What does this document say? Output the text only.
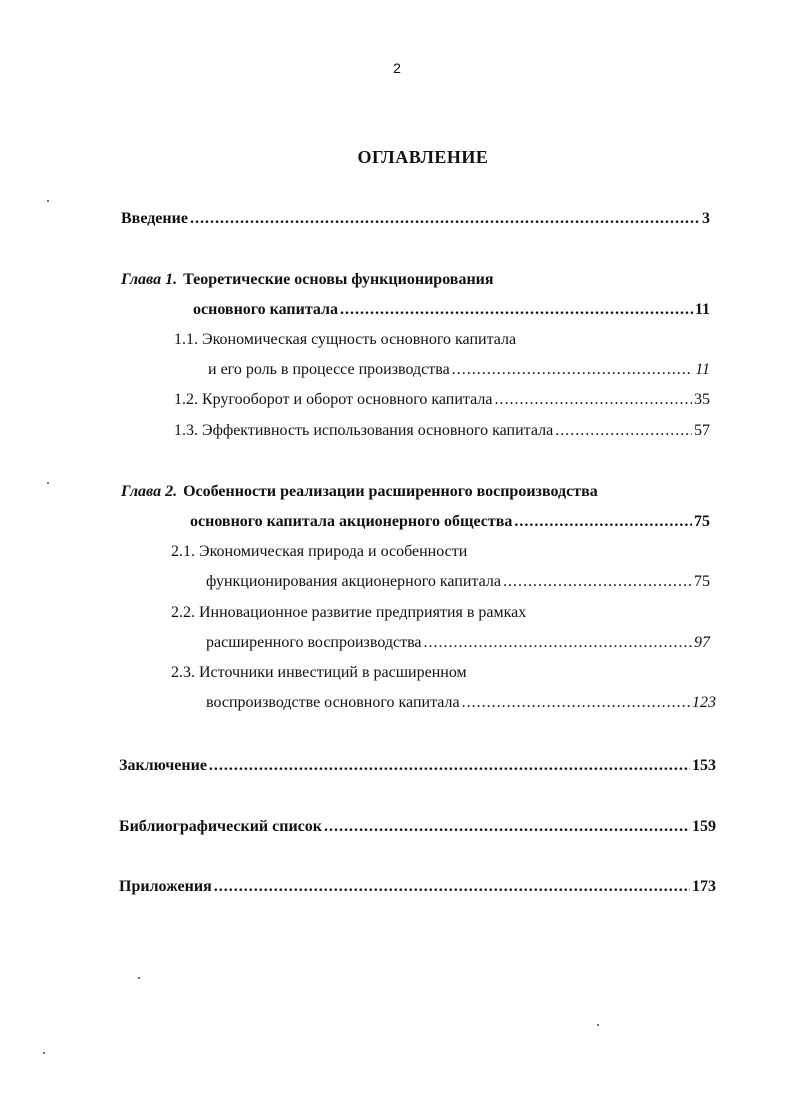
2
ОГЛАВЛЕНИЕ
Введение .....	3
Глава 1. Теоретические основы функционирования
основного капитала .....	11
1.1. Экономическая сущность основного капитала
и его роль в процессе производства .....	11
1.2. Кругооборот и оборот основного капитала .....	35
1.3. Эффективность использования основного капитала .....	57
Глава 2. Особенности реализации расширенного воспроизводства
основного капитала акционерного общества .....	75
2.1. Экономическая природа и особенности
функционирования акционерного капитала .....	75
2.2. Инновационное развитие предприятия в рамках
расширенного воспроизводства .....	97
2.3. Источники инвестиций в расширенном
воспроизводстве основного капитала .....	123
Заключение .....	153
Библиографический список .....	159
Приложения .....	173
